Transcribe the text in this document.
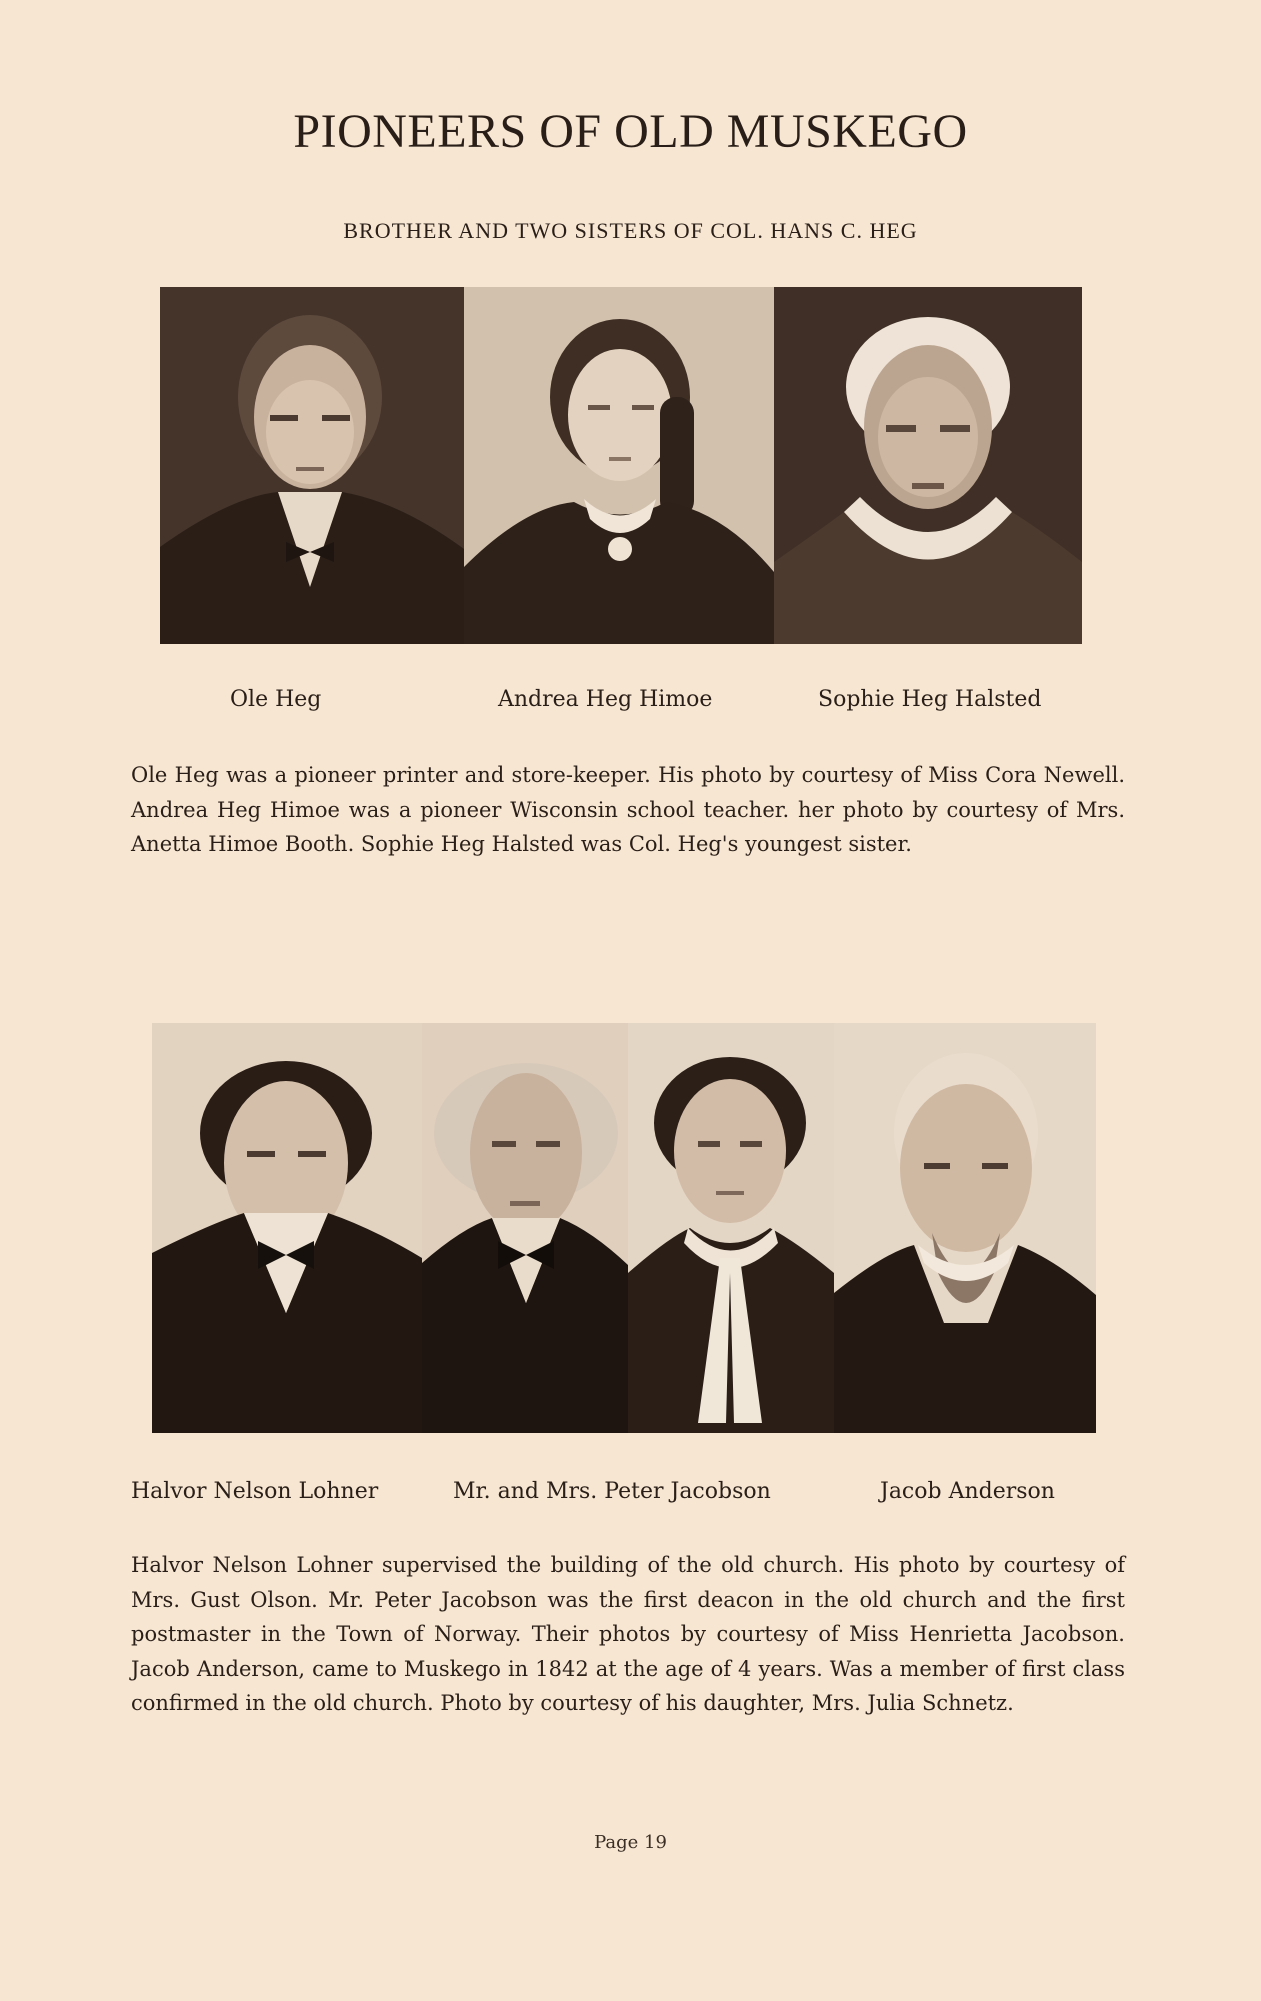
PIONEERS OF OLD MUSKEGO
BROTHER AND TWO SISTERS OF COL. HANS C. HEG
Ole Heg	Andrea Heg Himoe	Sophie Heg Halsted
Ole Heg was a pioneer printer and store-keeper. His photo by courtesy of Miss Cora Newell. Andrea Heg Himoe was a pioneer Wisconsin school teacher. her photo by courtesy of Mrs. Anetta Himoe Booth. Sophie Heg Halsted was Col. Heg's youngest sister.
Halvor Nelson Lohner	Mr. and Mrs. Peter Jacobson	Jacob Anderson
Halvor Nelson Lohner supervised the building of the old church. His photo by courtesy of Mrs. Gust Olson. Mr. Peter Jacobson was the first deacon in the old church and the first postmaster in the Town of Norway. Their photos by courtesy of Miss Henrietta Jacobson. Jacob Anderson, came to Muskego in 1842 at the age of 4 years. Was a member of first class confirmed in the old church. Photo by courtesy of his daughter, Mrs. Julia Schnetz.
Page 19
